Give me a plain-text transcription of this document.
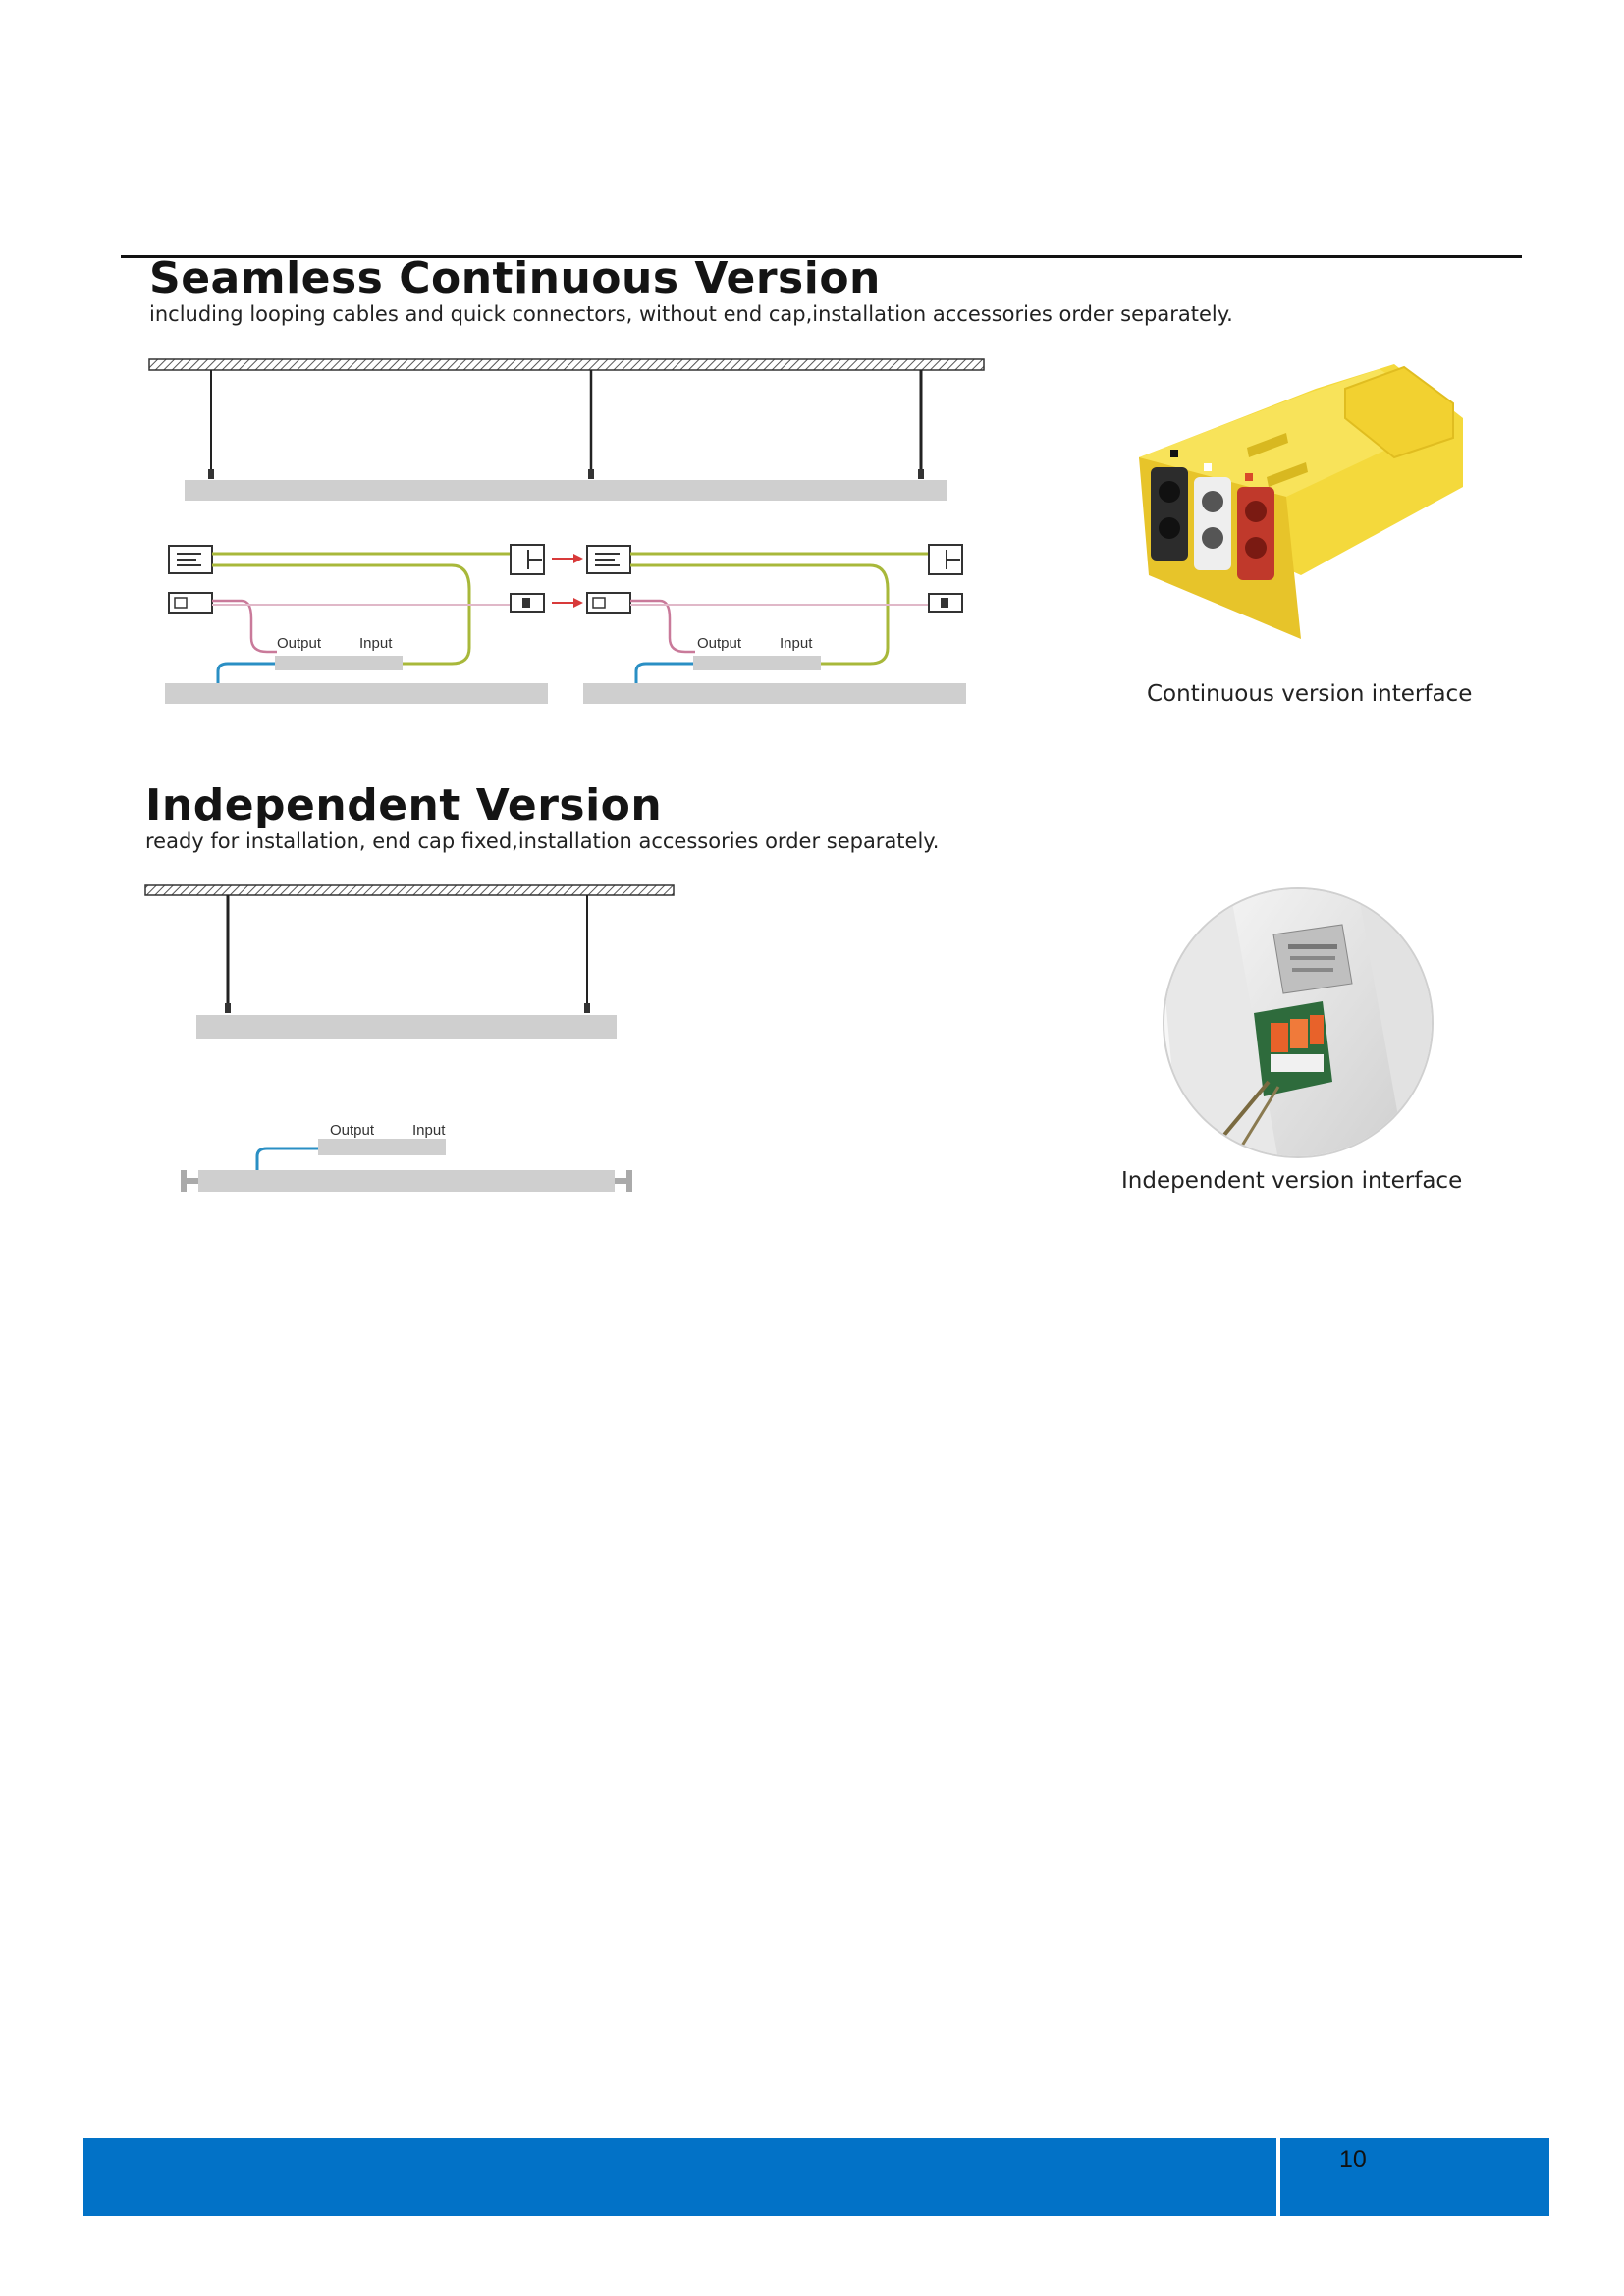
Seamless Continuous Version
including looping cables and quick connectors, without end cap,installation accessories order separately.
Output	Input	Output	Input
Continuous version interface
Independent Version
ready for installation, end cap fixed,installation accessories order separately.
Output	Input
Independent version interface
10
